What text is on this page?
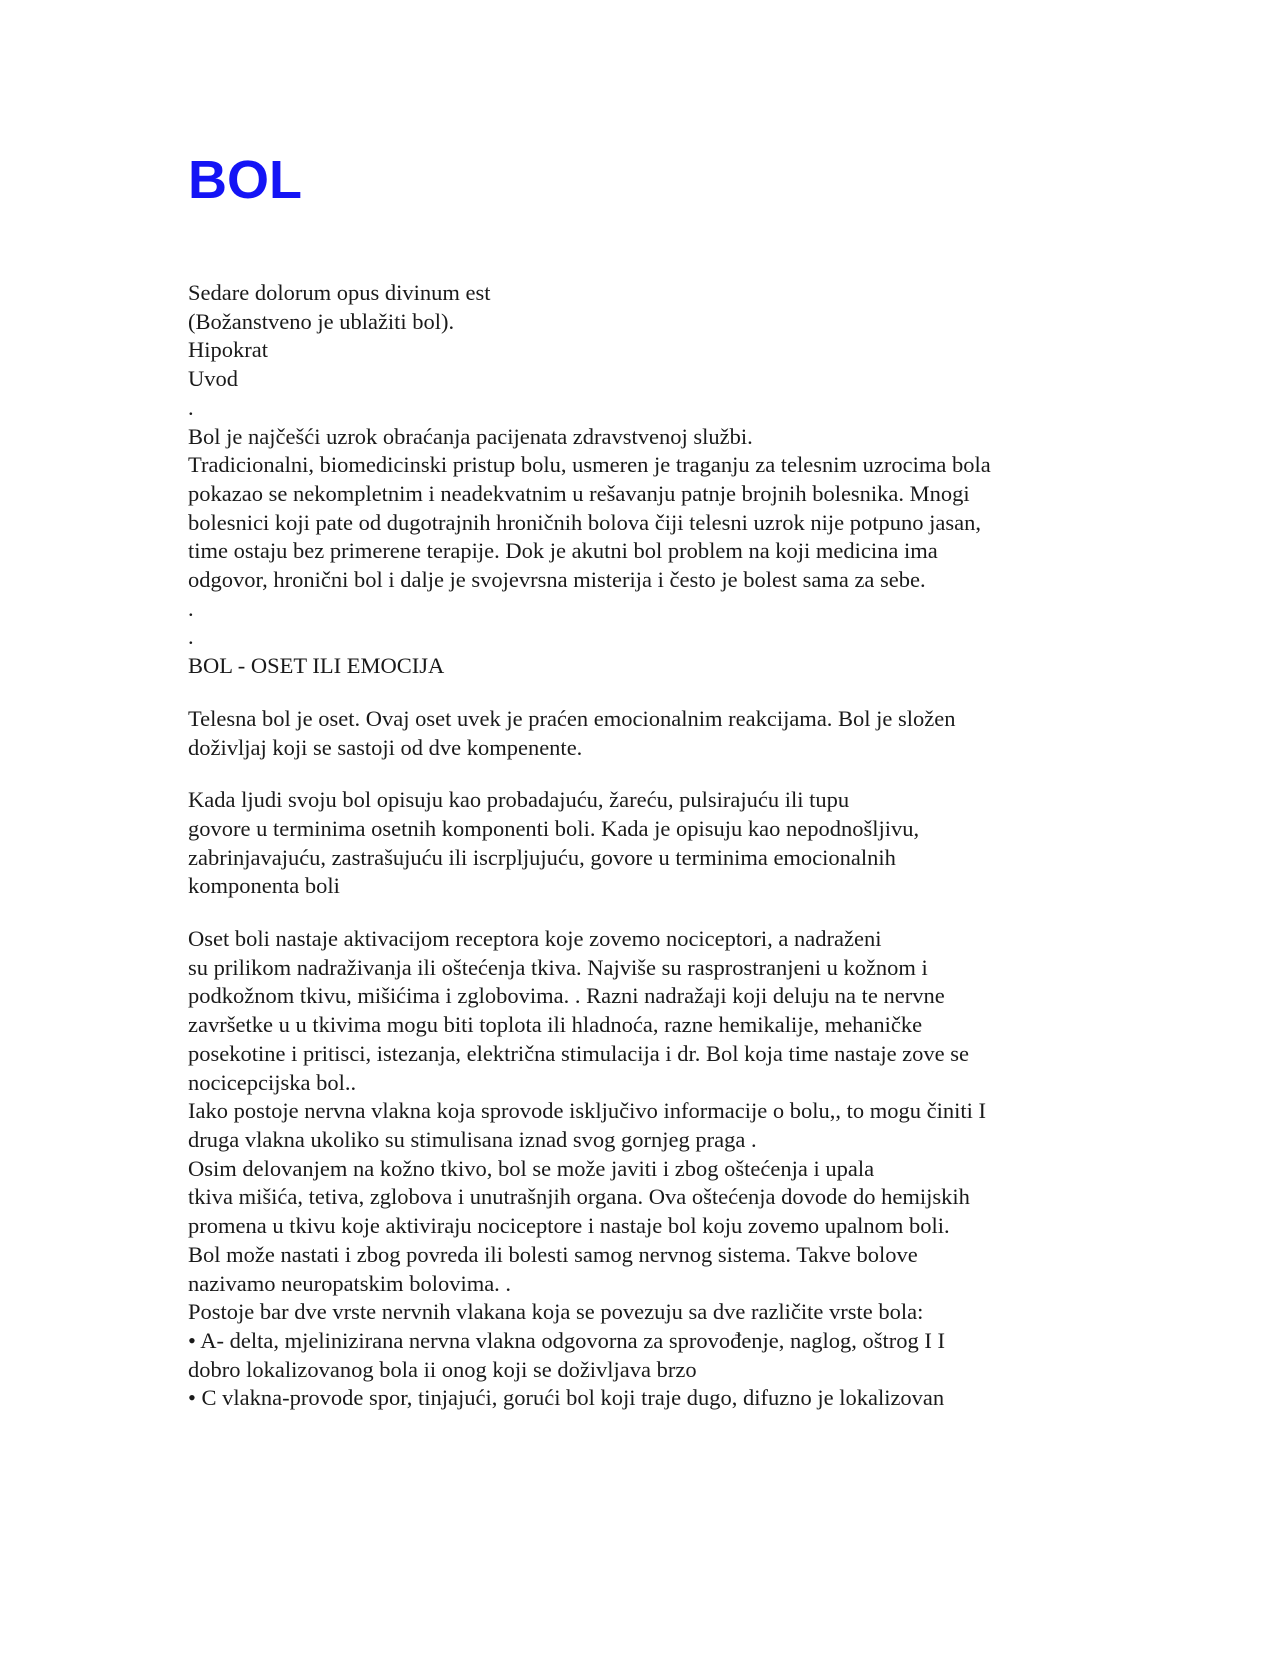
BOL
Sedare dolorum opus divinum est
(Božanstveno je ublažiti bol).
Hipokrat
Uvod
.
Bol je najčešći uzrok obraćanja pacijenata zdravstvenoj službi.
Tradicionalni, biomedicinski pristup bolu, usmeren je traganju za telesnim uzrocima bola
pokazao se nekompletnim i neadekvatnim u rešavanju patnje brojnih bolesnika. Mnogi
bolesnici koji pate od dugotrajnih hroničnih bolova čiji telesni uzrok nije potpuno jasan,
time ostaju bez primerene terapije. Dok je akutni bol problem na koji medicina ima
odgovor, hronični bol i dalje je svojevrsna misterija i često je bolest sama za sebe.
.
.
BOL - OSET ILI EMOCIJA
Telesna bol je oset. Ovaj oset uvek je praćen emocionalnim reakcijama. Bol je složen
doživljaj koji se sastoji od dve kompenente.
Kada ljudi svoju bol opisuju kao probadajuću, žareću, pulsirajuću ili tupu
govore u terminima osetnih komponenti boli. Kada je opisuju kao nepodnošljivu,
zabrinjavajuću, zastrašujuću ili iscrpljujuću, govore u terminima emocionalnih
komponenta boli
Oset boli nastaje aktivacijom receptora koje zovemo nociceptori, a nadraženi
su prilikom nadraživanja ili oštećenja tkiva. Najviše su rasprostranjeni u kožnom i
podkožnom tkivu, mišićima i zglobovima. . Razni nadražaji koji deluju na te nervne
završetke u u tkivima mogu biti toplota ili hladnoća, razne hemikalije, mehaničke
posekotine i pritisci, istezanja, električna stimulacija i dr. Bol koja time nastaje zove se
nocicepcijska bol..
Iako postoje nervna vlakna koja sprovode isključivo informacije o bolu,, to mogu činiti I
druga vlakna ukoliko su stimulisana iznad svog gornjeg praga .
Osim delovanjem na kožno tkivo, bol se može javiti i zbog oštećenja i upala
tkiva mišića, tetiva, zglobova i unutrašnjih organa. Ova oštećenja dovode do hemijskih
promena u tkivu koje aktiviraju nociceptore i nastaje bol koju zovemo upalnom boli.
Bol može nastati i zbog povreda ili bolesti samog nervnog sistema. Takve bolove
nazivamo neuropatskim bolovima. .
Postoje bar dve vrste nervnih vlakana koja se povezuju sa dve različite vrste bola:
• A- delta, mjelinizirana nervna vlakna odgovorna za sprovođenje, naglog, oštrog I I
dobro lokalizovanog bola ii onog koji se doživljava brzo
• C vlakna-provode spor, tinjajući, gorući bol koji traje dugo, difuzno je lokalizovan
